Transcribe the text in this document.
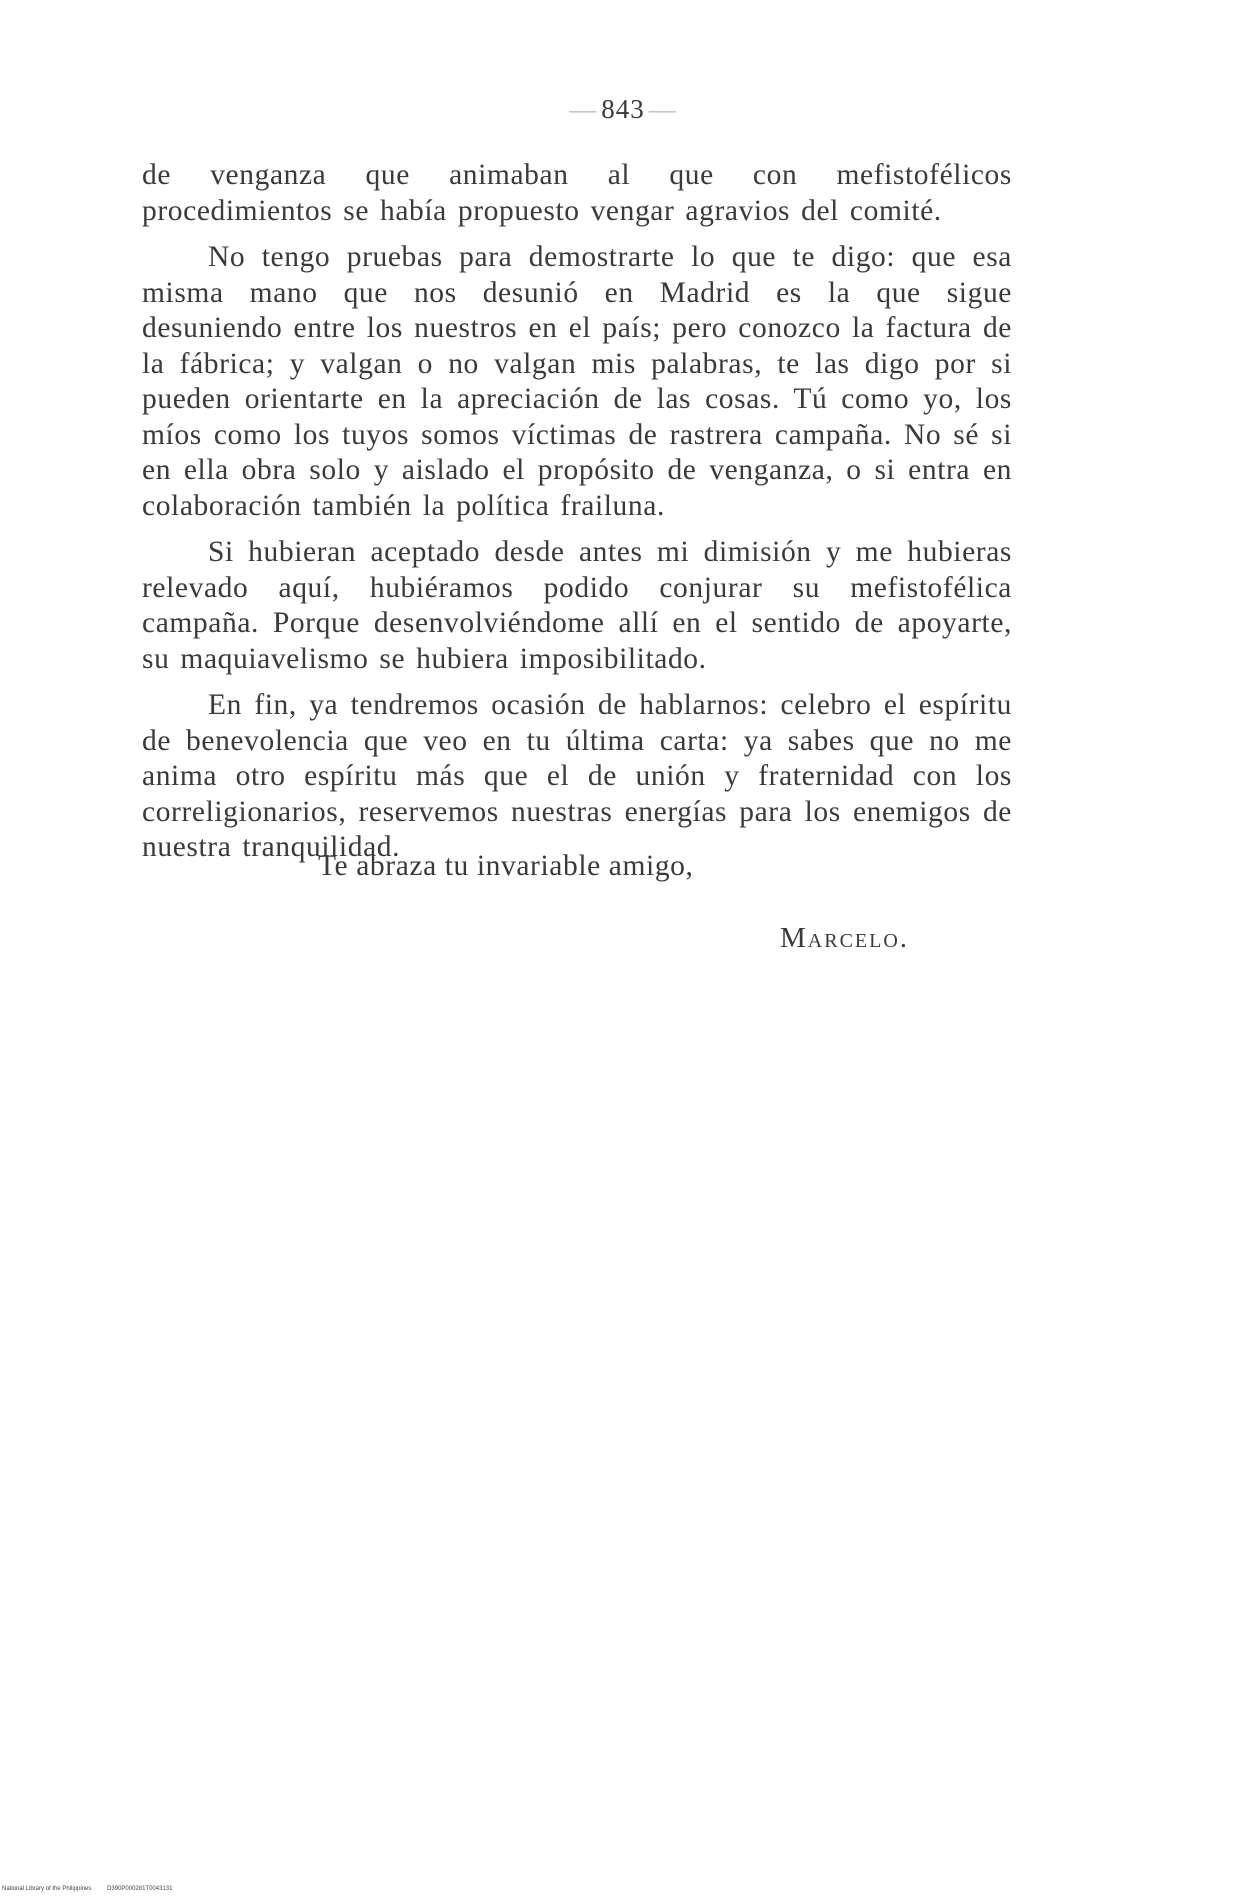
— 843 —

de venganza que animaban al que con mefistofélicos procedimientos se había propuesto vengar agravios del comité.

No tengo pruebas para demostrarte lo que te digo: que esa misma mano que nos desunió en Madrid es la que sigue desuniendo entre los nuestros en el país; pero conozco la factura de la fábrica; y valgan o no valgan mis palabras, te las digo por si pueden orientarte en la apreciación de las cosas. Tú como yo, los míos como los tuyos somos víctimas de rastrera campaña. No sé si en ella obra solo y aislado el propósito de venganza, o si entra en colaboración también la política frailuna.

Si hubieran aceptado desde antes mi dimisión y me hubieras relevado aquí, hubiéramos podido conjurar su mefistofélica campaña. Porque desenvolviéndome allí en el sentido de apoyarte, su maquiavelismo se hubiera imposibilitado.

En fin, ya tendremos ocasión de hablarnos: celebro el espíritu de benevolencia que veo en tu última carta: ya sabes que no me anima otro espíritu más que el de unión y fraternidad con los correligionarios, reservemos nuestras energías para los enemigos de nuestra tranquilidad.

Te abraza tu invariable amigo,
Marcelo.
National Library of the Philippines	D390P000281T0043131
